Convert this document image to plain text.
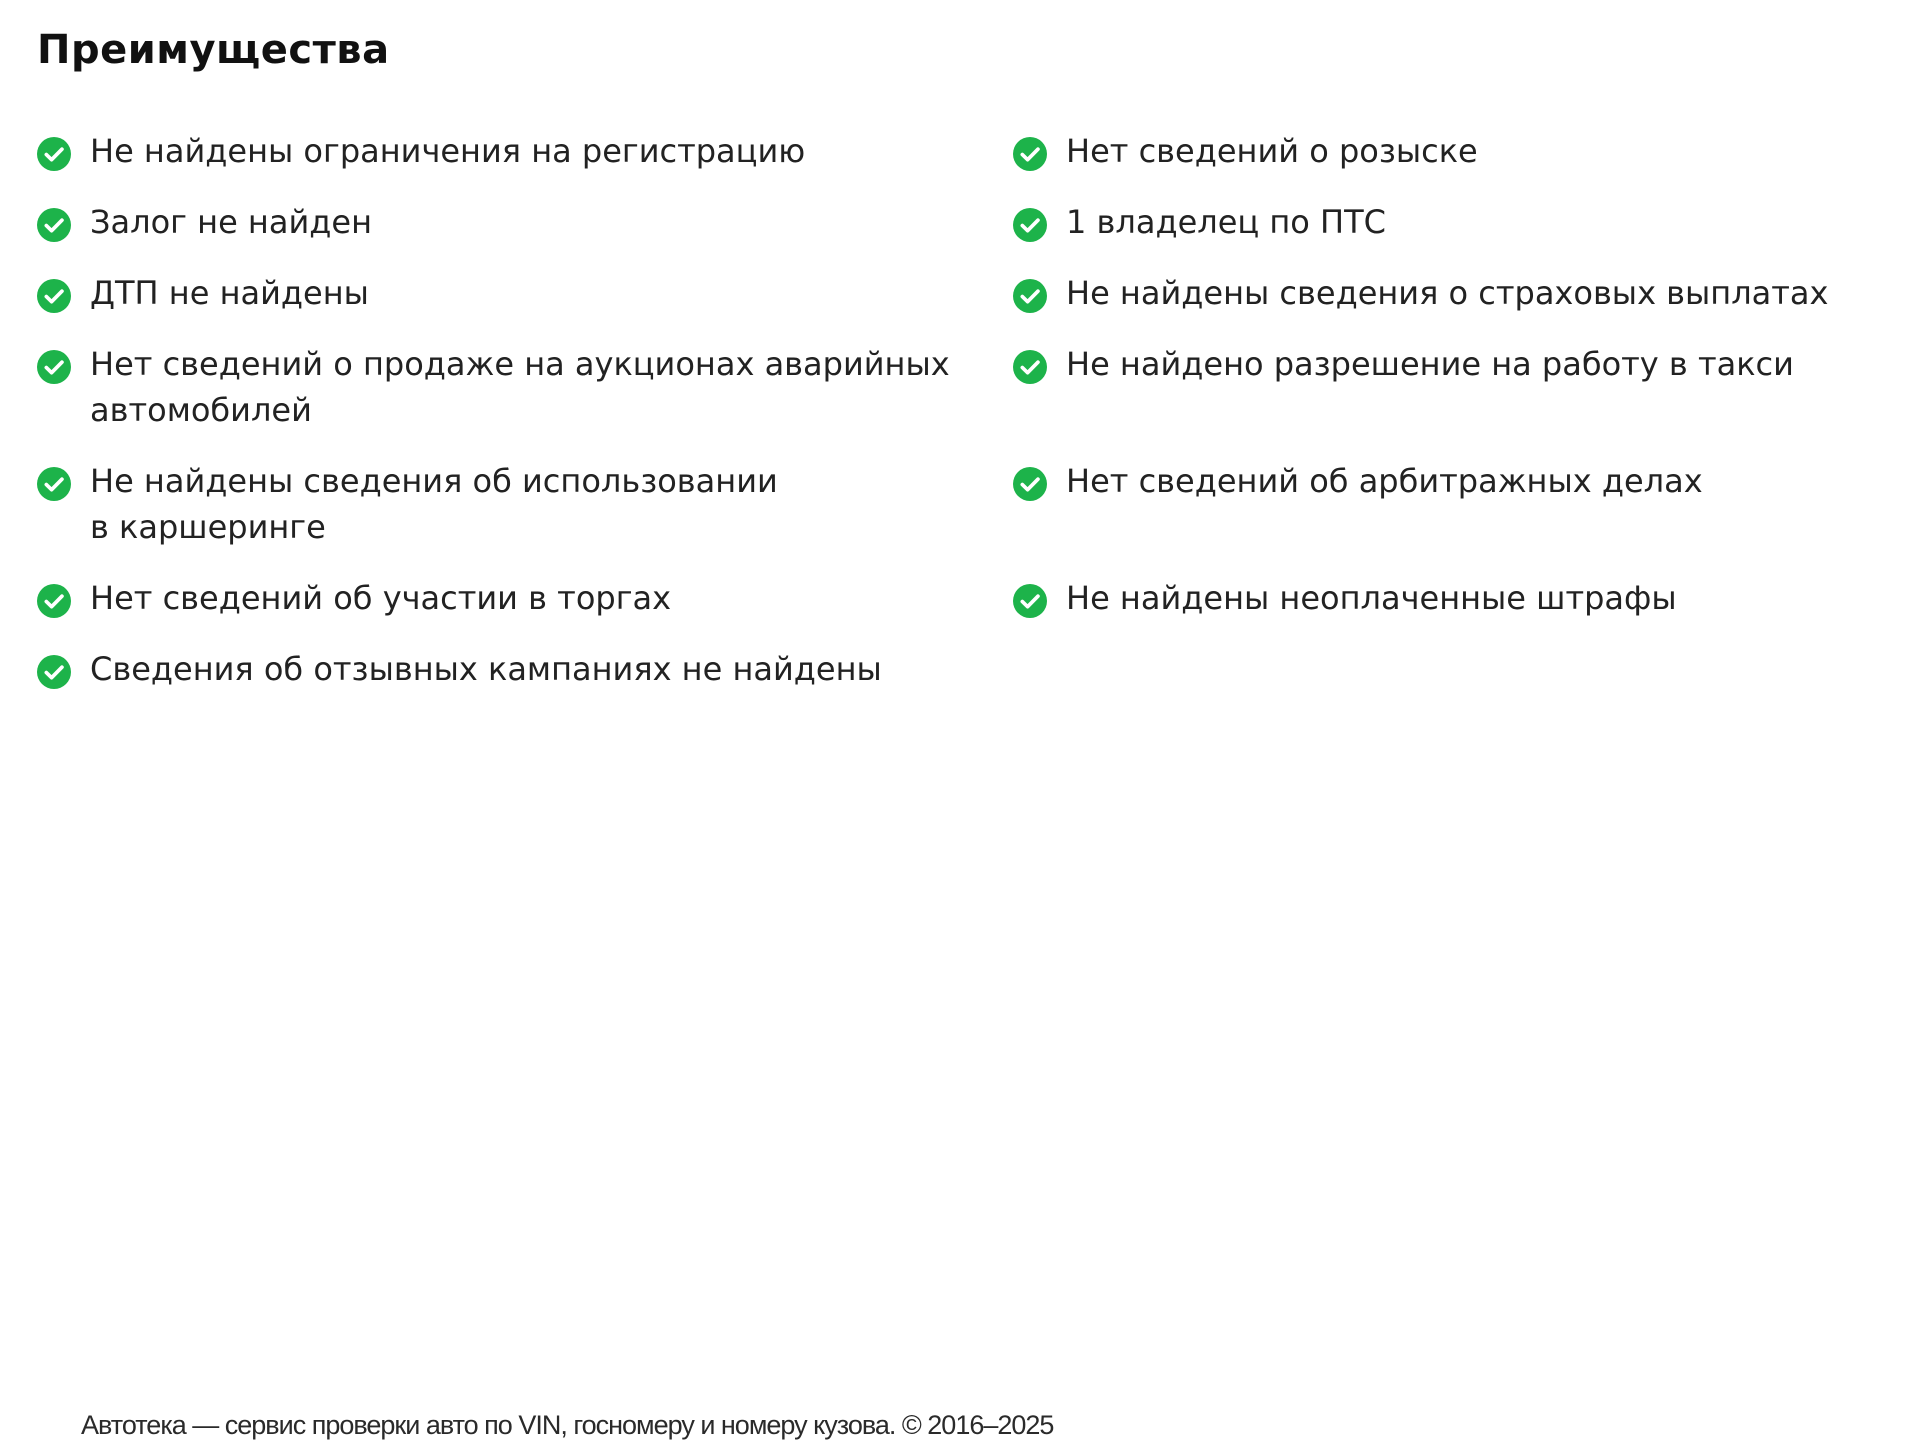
Преимущества
Не найдены ограничения на регистрацию	Нет сведений о розыске
Залог не найден	1 владелец по ПТС
ДТП не найдены	Не найдены сведения о страховых выплатах
Нет сведений о продаже на аукционах аварийных автомобилей
Не найдено разрешение на работу в такси
Не найдены сведения об использовании
в каршеринге
Нет сведений об арбитражных делах
Нет сведений об участии в торгах	Не найдены неоплаченные штрафы
Сведения об отзывных кампаниях не найдены
Автотека — сервис проверки авто по VIN, госномеру и номеру кузова. © 2016–2025
